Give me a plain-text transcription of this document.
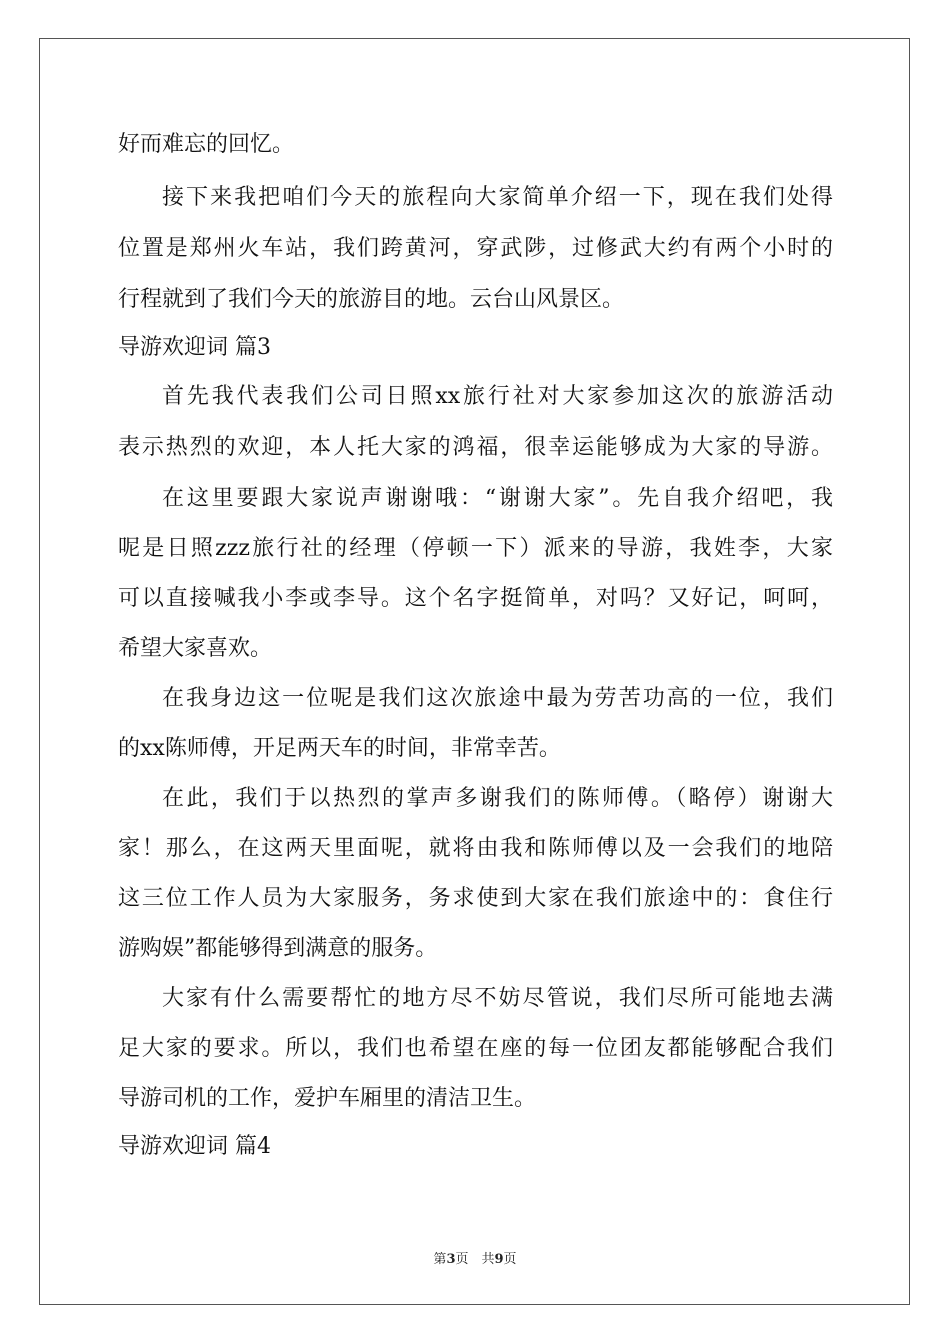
好而难忘的回忆。
接下来我把咱们今天的旅程向大家简单介绍一下，现在我们处得
位置是郑州火车站，我们跨黄河，穿武陟，过修武大约有两个小时的
行程就到了我们今天的旅游目的地。云台山风景区。
导游欢迎词 篇3
首先我代表我们公司日照xx旅行社对大家参加这次的旅游活动
表示热烈的欢迎，本人托大家的鸿福，很幸运能够成为大家的导游。
在这里要跟大家说声谢谢哦：“谢谢大家”。先自我介绍吧，我
呢是日照zzz旅行社的经理（停顿一下）派来的导游，我姓李，大家
可以直接喊我小李或李导。这个名字挺简单，对吗？又好记，呵呵，
希望大家喜欢。
在我身边这一位呢是我们这次旅途中最为劳苦功高的一位，我们
的xx陈师傅，开足两天车的时间，非常幸苦。
在此，我们于以热烈的掌声多谢我们的陈师傅。（略停）谢谢大
家！那么，在这两天里面呢，就将由我和陈师傅以及一会我们的地陪
这三位工作人员为大家服务，务求使到大家在我们旅途中的：食住行
游购娱”都能够得到满意的服务。
大家有什么需要帮忙的地方尽不妨尽管说，我们尽所可能地去满
足大家的要求。所以，我们也希望在座的每一位团友都能够配合我们
导游司机的工作，爱护车厢里的清洁卫生。
导游欢迎词 篇4
第3页　共9页
